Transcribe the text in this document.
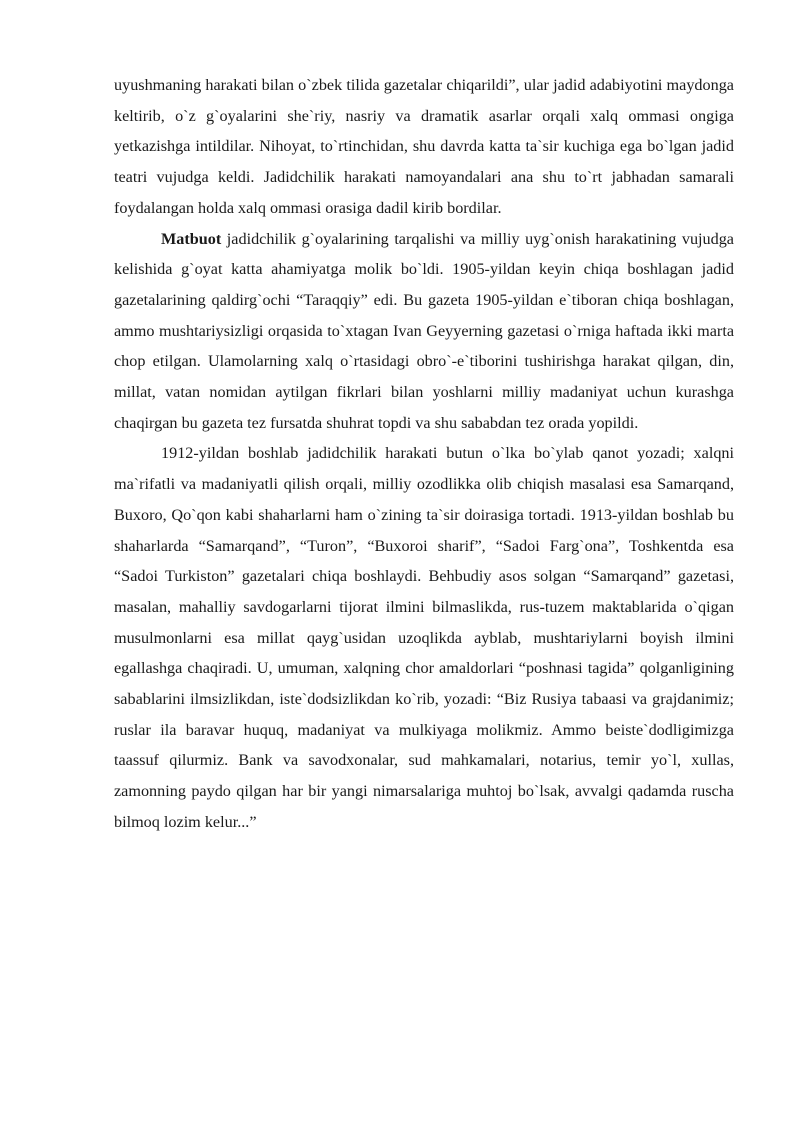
uyushmaning harakati bilan o`zbek tilida gazetalar chiqarildi”, ular jadid adabiyotini maydonga keltirib, o`z g`oyalarini she`riy, nasriy va dramatik asarlar orqali xalq ommasi ongiga yetkazishga intildilar. Nihoyat, to`rtinchidan, shu davrda katta ta`sir kuchiga ega bo`lgan jadid teatri vujudga keldi. Jadidchilik harakati namoyandalari ana shu to`rt jabhadan samarali foydalangan holda xalq ommasi orasiga dadil kirib bordilar.

Matbuot jadidchilik g`oyalarining tarqalishi va milliy uyg`onish harakatining vujudga kelishida g`oyat katta ahamiyatga molik bo`ldi. 1905-yildan keyin chiqa boshlagan jadid gazetalarining qaldirg`ochi “Taraqqiy” edi. Bu gazeta 1905-yildan e`tiboran chiqa boshlagan, ammo mushtariysizligi orqasida to`xtagan Ivan Geyyerning gazetasi o`rniga haftada ikki marta chop etilgan. Ulamolarning xalq o`rtasidagi obro`-e`tiborini tushirishga harakat qilgan, din, millat, vatan nomidan aytilgan fikrlari bilan yoshlarni milliy madaniyat uchun kurashga chaqirgan bu gazeta tez fursatda shuhrat topdi va shu sababdan tez orada yopildi.

1912-yildan boshlab jadidchilik harakati butun o`lka bo`ylab qanot yozadi; xalqni ma`rifatli va madaniyatli qilish orqali, milliy ozodlikka olib chiqish masalasi esa Samarqand, Buxoro, Qo`qon kabi shaharlarni ham o`zining ta`sir doirasiga tortadi. 1913-yildan boshlab bu shaharlarda “Samarqand”, “Turon”, “Buxoroi sharif”, “Sadoi Farg`ona”, Toshkentda esa “Sadoi Turkiston” gazetalari chiqa boshlaydi. Behbudiy asos solgan “Samarqand” gazetasi, masalan, mahalliy savdogarlarni tijorat ilmini bilmaslikda, rus-tuzem maktablarida o`qigan musulmonlarni esa millat qayg`usidan uzoqlikda ayblab, mushtariylarni boyish ilmini egallashga chaqiradi. U, umuman, xalqning chor amaldorlari “poshnasi tagida” qolganligining sabablarini ilmsizlikdan, iste`dodsizlikdan ko`rib, yozadi: “Biz Rusiya tabaasi va grajdanimiz; ruslar ila baravar huquq, madaniyat va mulkiyaga molikmiz. Ammo beiste`dodligimizga taassuf qilurmiz. Bank va savodxonalar, sud mahkamalari, notarius, temir yo`l, xullas, zamonning paydo qilgan har bir yangi nimarsalariga muhtoj bo`lsak, avvalgi qadamda ruscha bilmoq lozim kelur...”
